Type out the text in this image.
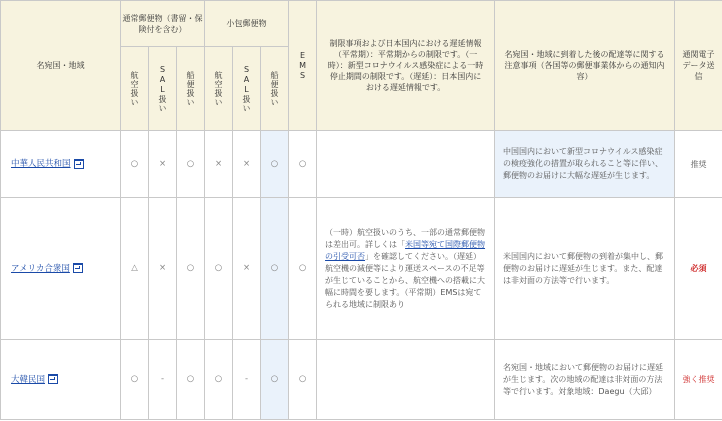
名宛国・地域	通常郵便物（書留・保険付を含む）			小包郵便物			EMS	制限事項および日本国内における遅延情報（平常期）：平常期からの制限です。（一時）：新型コロナウイルス感染症による一時停止期間の制限です。（遅延）：日本国内における遅延情報です。	名宛国・地域に到着した後の配達等に関する注意事項（各国等の郵便事業体からの通知内容）	通関電子データ送信

	航空扱い	SAL扱い	船便扱い	航空扱い	SAL扱い	船便扱い				

中華人民共和国	○	×	○	×	×	○	○		中国国内において新型コロナウイルス感染症の検疫強化の措置が取られること等に伴い、郵便物のお届けに大幅な遅延が生じます。	推奨
アメリカ合衆国	△	×	○	○	×	○	○	（一時）航空扱いのうち、一部の通常郵便物は差出可。詳しくは「米国等宛て国際郵便物の引受可否」を確認してください。（遅延）航空機の減便等により運送スペースの不足等が生じていることから、航空機への搭載に大幅に時間を要します。（平常期）EMSは宛てられる地域に制限あり	米国国内において郵便物の到着が集中し、郵便物のお届けに遅延が生じます。また、配達は非対面の方法等で行います。	必須
大韓民国	○	-	○	○	-	○	○		名宛国・地域において郵便物のお届けに遅延が生じます。次の地域の配達は非対面の方法等で行います。対象地域：Daegu（大邱）	強く推奨
